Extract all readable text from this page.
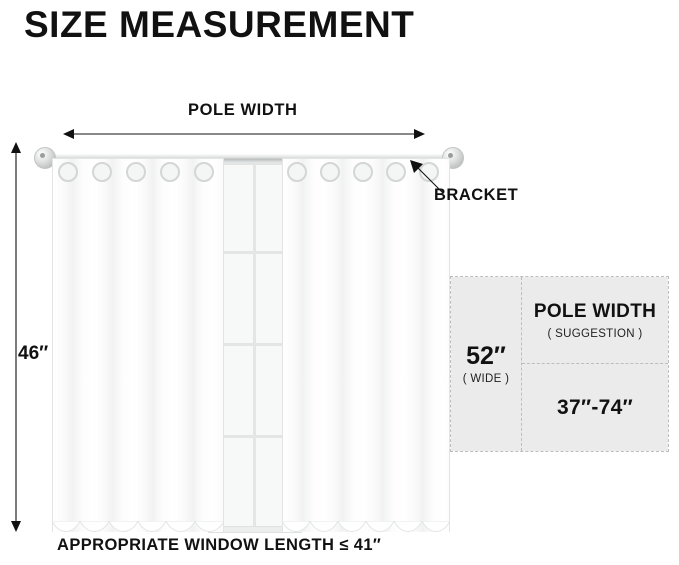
SIZE MEASUREMENT
POLE WIDTH
46″
BRACKET
APPROPRIATE WINDOW LENGTH ≤ 41″
52″
( WIDE )
POLE WIDTH
( SUGGESTION )
37″-74″
